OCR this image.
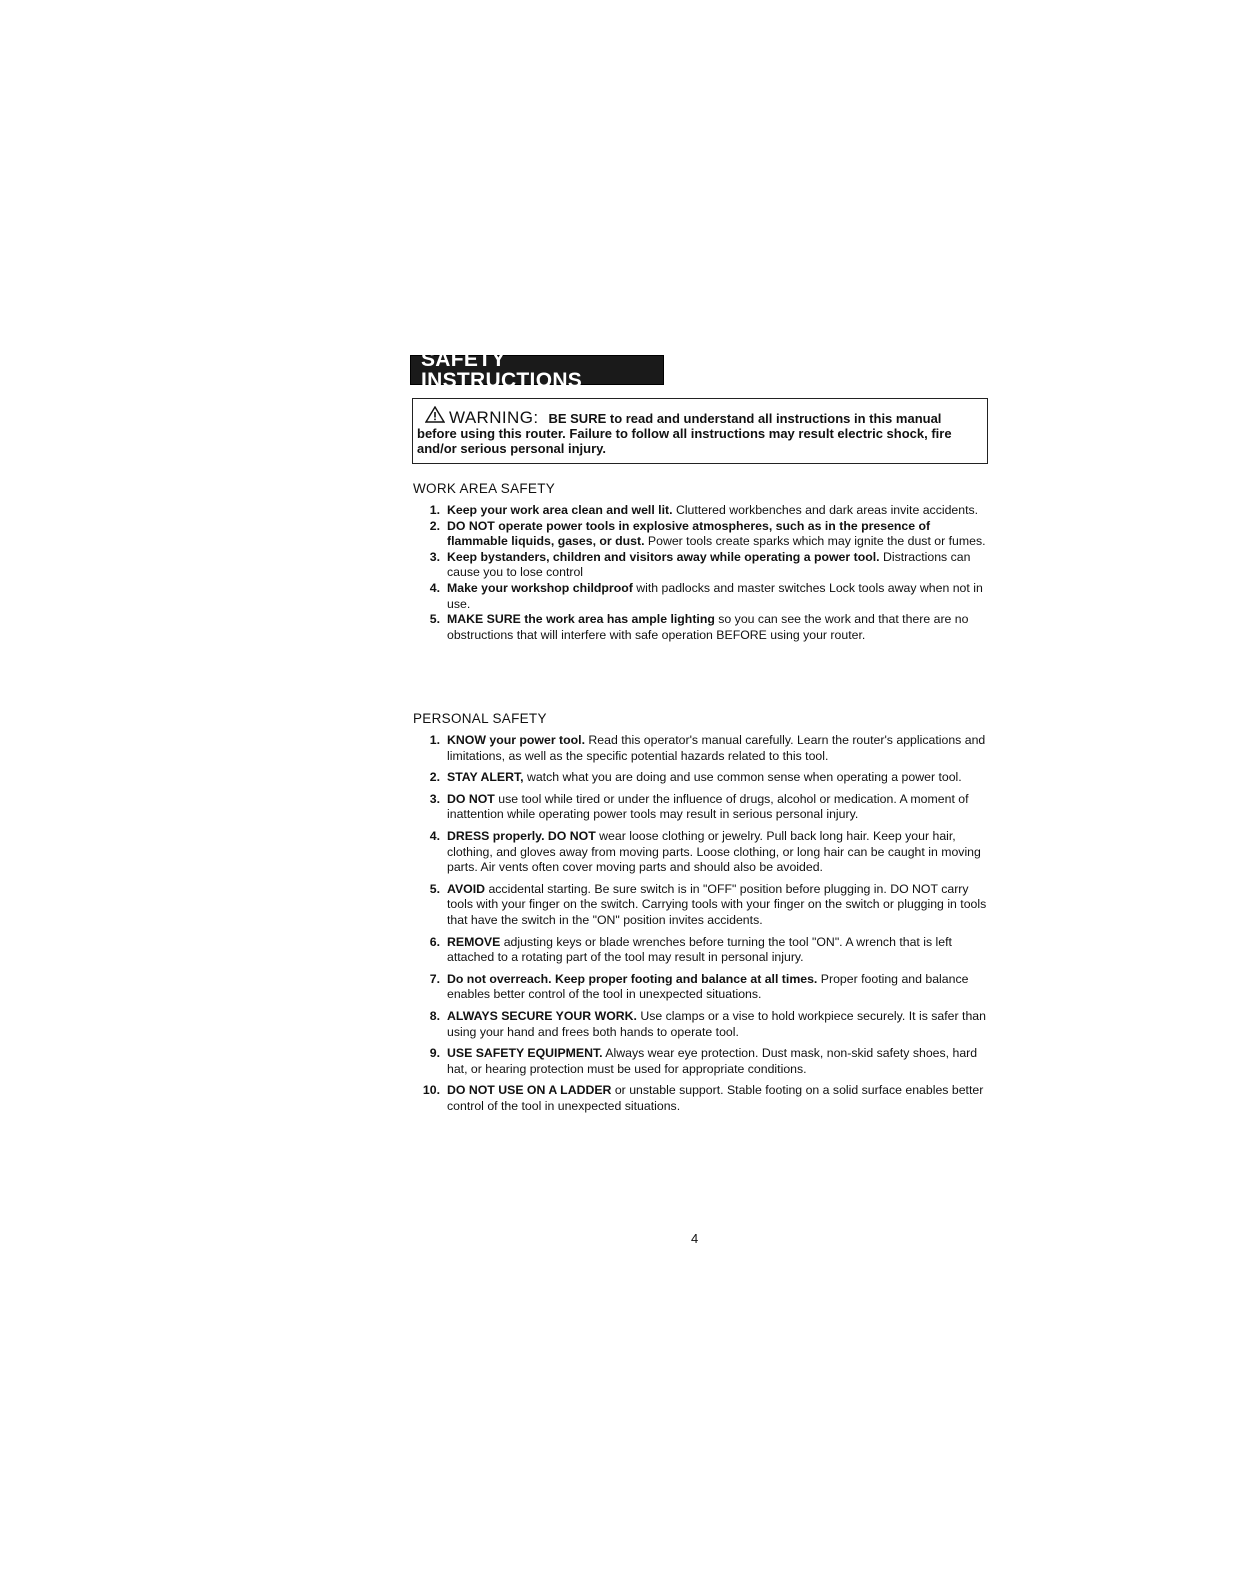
SAFETY INSTRUCTIONS
WARNING: BE SURE to read and understand all instructions in this manual before using this router. Failure to follow all instructions may result electric shock, fire and/or serious personal injury.
WORK AREA SAFETY
1. Keep your work area clean and well lit. Cluttered workbenches and dark areas invite accidents.
2. DO NOT operate power tools in explosive atmospheres, such as in the presence of flammable liquids, gases, or dust. Power tools create sparks which may ignite the dust or fumes.
3. Keep bystanders, children and visitors away while operating a power tool. Distractions can cause you to lose control
4. Make your workshop childproof with padlocks and master switches Lock tools away when not in use.
5. MAKE SURE the work area has ample lighting so you can see the work and that there are no obstructions that will interfere with safe operation BEFORE using your router.
PERSONAL SAFETY
1. KNOW your power tool. Read this operator's manual carefully. Learn the router's applications and limitations, as well as the specific potential hazards related to this tool.
2. STAY ALERT, watch what you are doing and use common sense when operating a power tool.
3. DO NOT use tool while tired or under the influence of drugs, alcohol or medication. A moment of inattention while operating power tools may result in serious personal injury.
4. DRESS properly. DO NOT wear loose clothing or jewelry. Pull back long hair. Keep your hair, clothing, and gloves away from moving parts. Loose clothing, or long hair can be caught in moving parts. Air vents often cover moving parts and should also be avoided.
5. AVOID accidental starting. Be sure switch is in "OFF" position before plugging in. DO NOT carry tools with your finger on the switch. Carrying tools with your finger on the switch or plugging in tools that have the switch in the "ON" position invites accidents.
6. REMOVE adjusting keys or blade wrenches before turning the tool "ON". A wrench that is left attached to a rotating part of the tool may result in personal injury.
7. Do not overreach. Keep proper footing and balance at all times. Proper footing and balance enables better control of the tool in unexpected situations.
8. ALWAYS SECURE YOUR WORK. Use clamps or a vise to hold workpiece securely. It is safer than using your hand and frees both hands to operate tool.
9. USE SAFETY EQUIPMENT. Always wear eye protection. Dust mask, non-skid safety shoes, hard hat, or hearing protection must be used for appropriate conditions.
10. DO NOT USE ON A LADDER or unstable support. Stable footing on a solid surface enables better control of the tool in unexpected situations.
4
